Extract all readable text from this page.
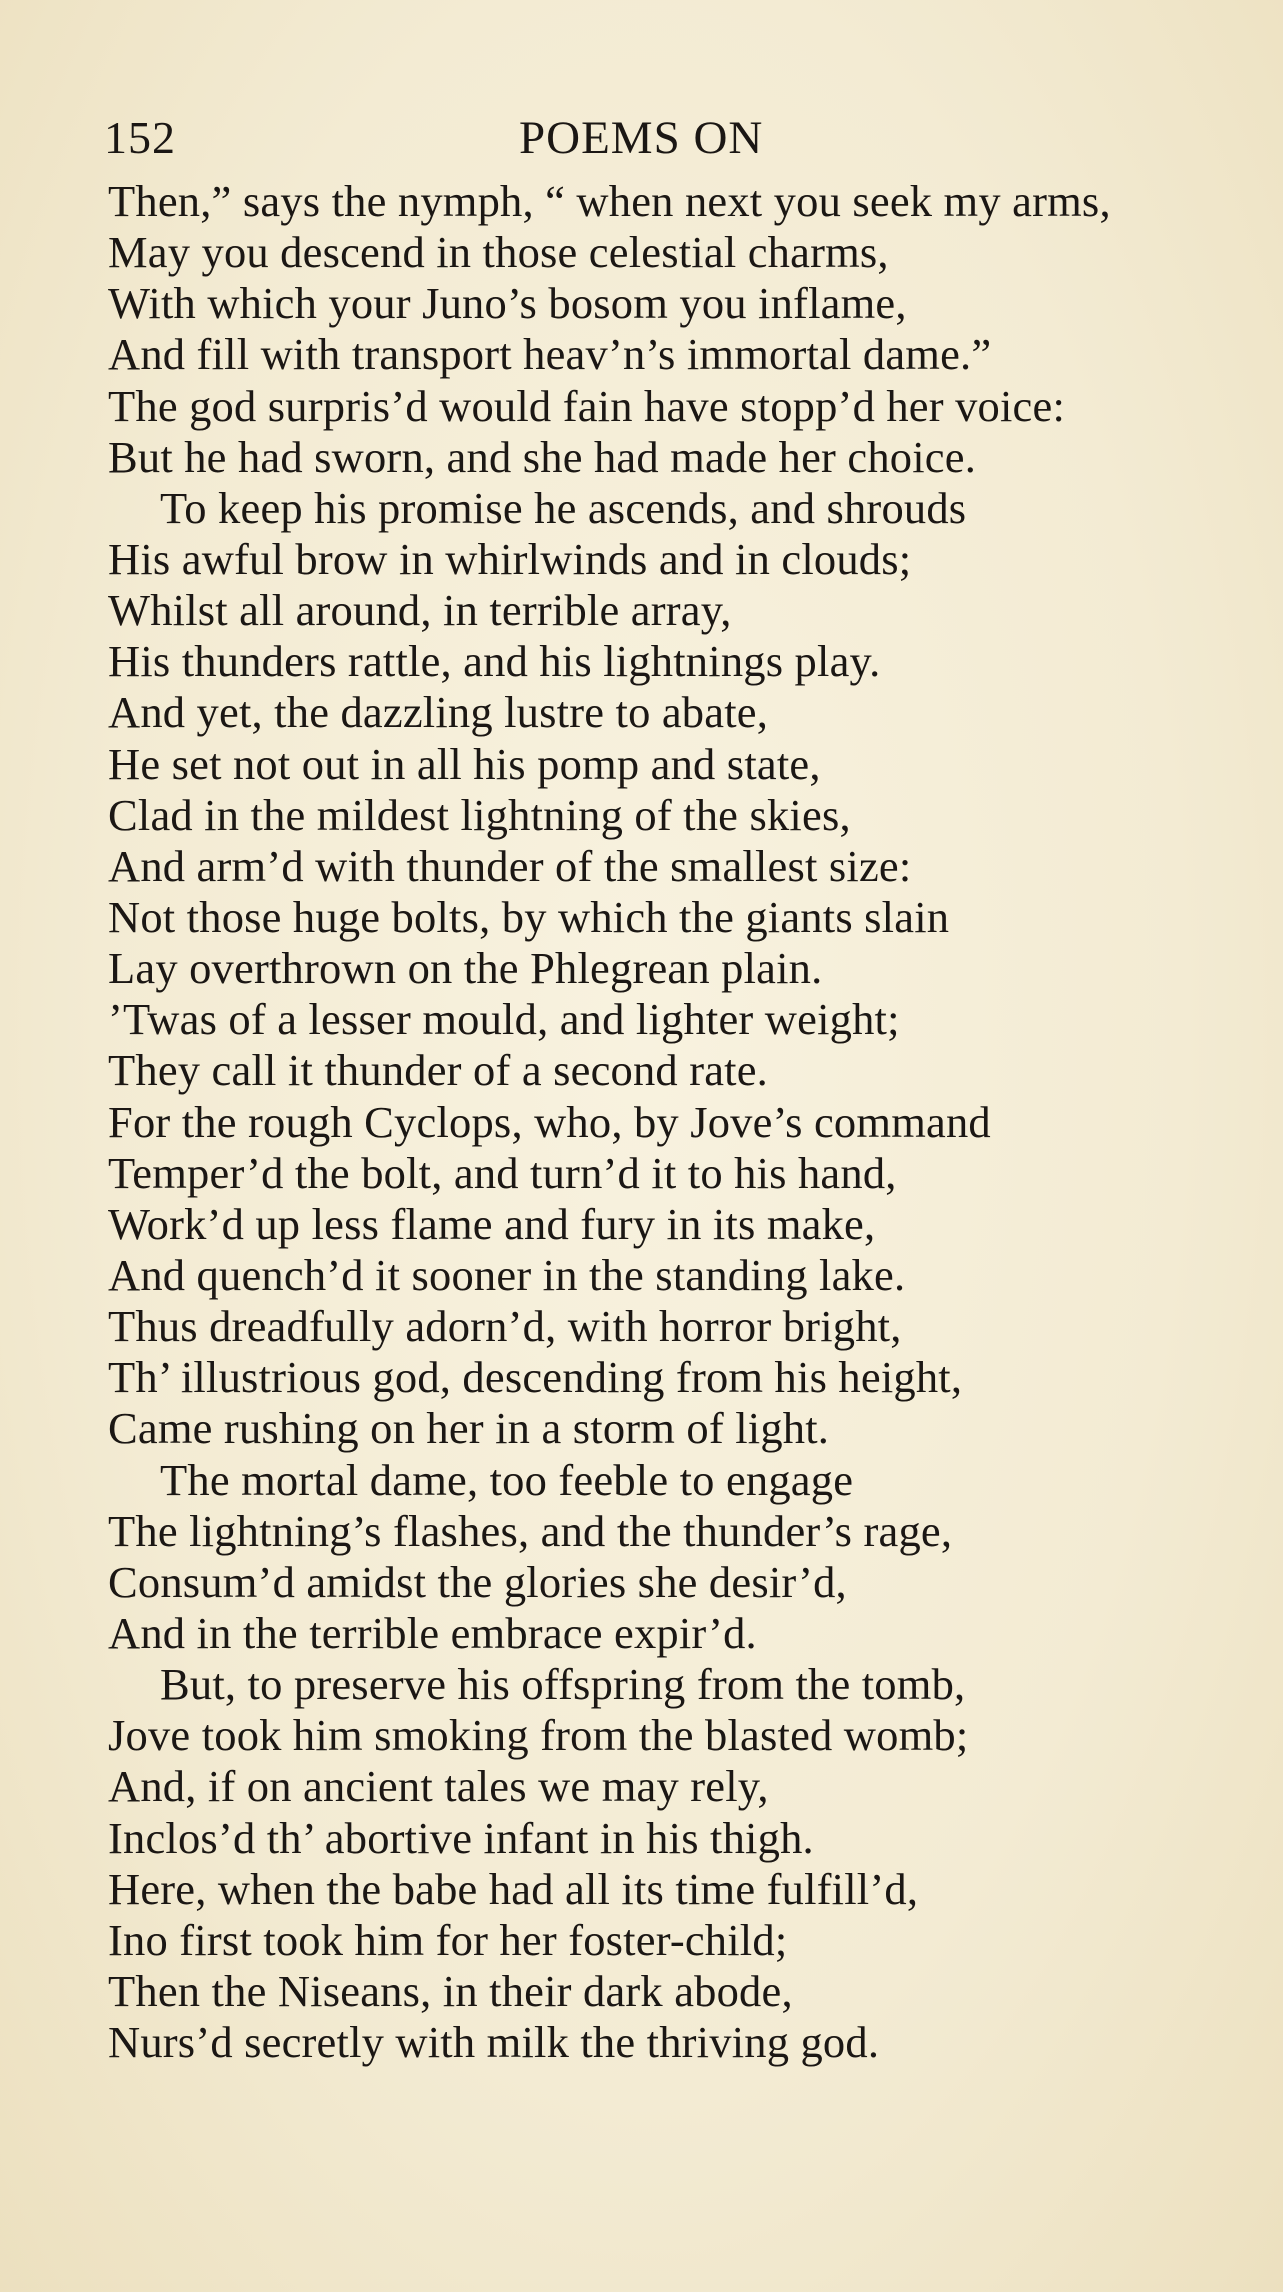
152	POEMS ON
Then,” says the nymph, “ when next you seek my arms,
May you descend in those celestial charms,
With which your Juno’s bosom you inflame,
And fill with transport heav’n’s immortal dame.”
The god surpris’d would fain have stopp’d her voice:
But he had sworn, and she had made her choice.
To keep his promise he ascends, and shrouds
His awful brow in whirlwinds and in clouds;
Whilst all around, in terrible array,
His thunders rattle, and his lightnings play.
And yet, the dazzling lustre to abate,
He set not out in all his pomp and state,
Clad in the mildest lightning of the skies,
And arm’d with thunder of the smallest size:
Not those huge bolts, by which the giants slain
Lay overthrown on the Phlegrean plain.
’Twas of a lesser mould, and lighter weight;
They call it thunder of a second rate.
For the rough Cyclops, who, by Jove’s command
Temper’d the bolt, and turn’d it to his hand,
Work’d up less flame and fury in its make,
And quench’d it sooner in the standing lake.
Thus dreadfully adorn’d, with horror bright,
Th’ illustrious god, descending from his height,
Came rushing on her in a storm of light.
The mortal dame, too feeble to engage
The lightning’s flashes, and the thunder’s rage,
Consum’d amidst the glories she desir’d,
And in the terrible embrace expir’d.
But, to preserve his offspring from the tomb,
Jove took him smoking from the blasted womb;
And, if on ancient tales we may rely,
Inclos’d th’ abortive infant in his thigh.
Here, when the babe had all its time fulfill’d,
Ino first took him for her foster-child;
Then the Niseans, in their dark abode,
Nurs’d secretly with milk the thriving god.
